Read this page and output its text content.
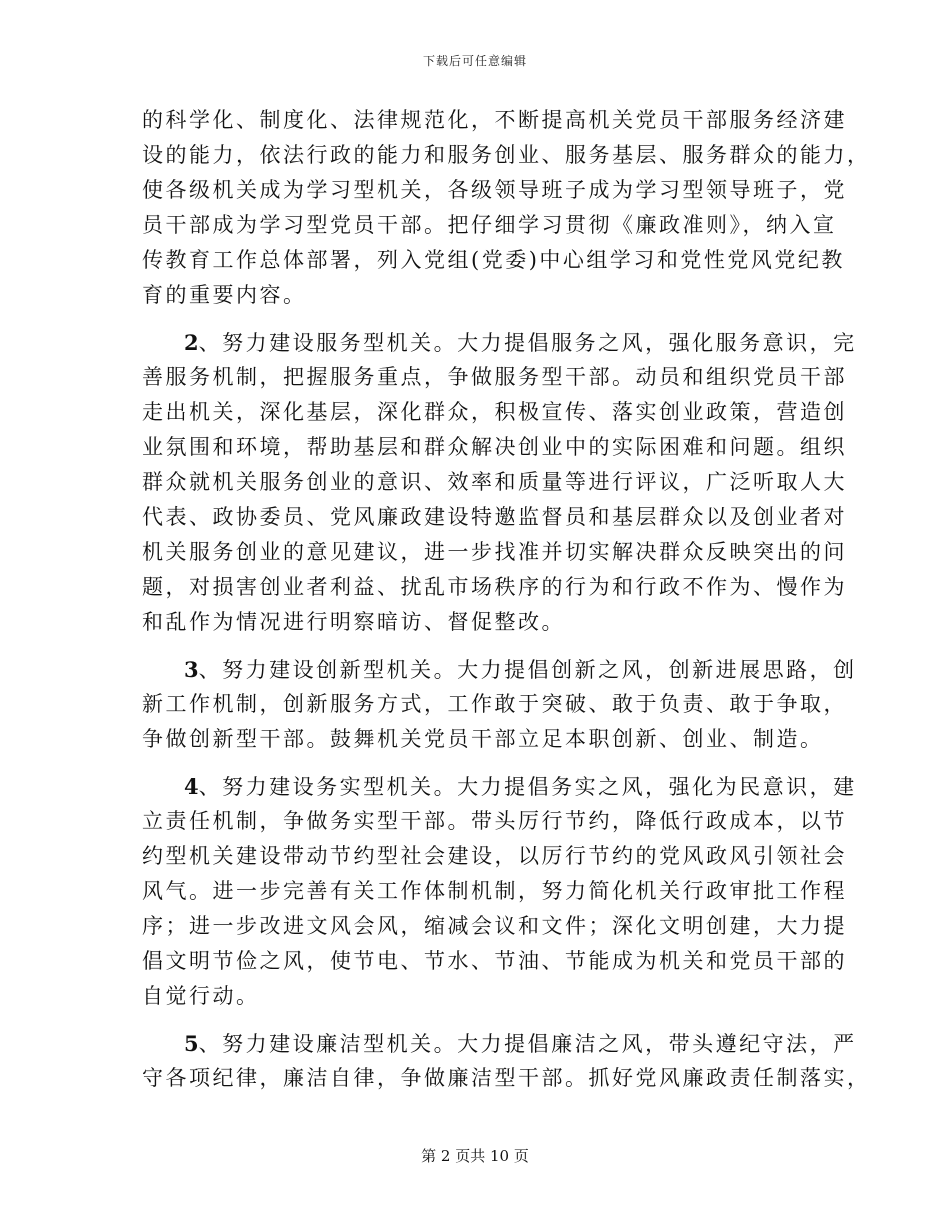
下载后可任意编辑
的科学化、制度化、法律规范化，不断提高机关党员干部服务经济建
设的能力，依法行政的能力和服务创业、服务基层、服务群众的能力，
使各级机关成为学习型机关，各级领导班子成为学习型领导班子，党
员干部成为学习型党员干部。把仔细学习贯彻《廉政准则》，纳入宣
传教育工作总体部署，列入党组(党委)中心组学习和党性党风党纪教
育的重要内容。
2、努力建设服务型机关。大力提倡服务之风，强化服务意识，完
善服务机制，把握服务重点，争做服务型干部。动员和组织党员干部
走出机关，深化基层，深化群众，积极宣传、落实创业政策，营造创
业氛围和环境，帮助基层和群众解决创业中的实际困难和问题。组织
群众就机关服务创业的意识、效率和质量等进行评议，广泛听取人大
代表、政协委员、党风廉政建设特邀监督员和基层群众以及创业者对
机关服务创业的意见建议，进一步找准并切实解决群众反映突出的问
题，对损害创业者利益、扰乱市场秩序的行为和行政不作为、慢作为
和乱作为情况进行明察暗访、督促整改。
3、努力建设创新型机关。大力提倡创新之风，创新进展思路，创
新工作机制，创新服务方式，工作敢于突破、敢于负责、敢于争取，
争做创新型干部。鼓舞机关党员干部立足本职创新、创业、制造。
4、努力建设务实型机关。大力提倡务实之风，强化为民意识，建
立责任机制，争做务实型干部。带头厉行节约，降低行政成本，以节
约型机关建设带动节约型社会建设，以厉行节约的党风政风引领社会
风气。进一步完善有关工作体制机制，努力简化机关行政审批工作程
序；进一步改进文风会风，缩减会议和文件；深化文明创建，大力提
倡文明节俭之风，使节电、节水、节油、节能成为机关和党员干部的
自觉行动。
5、努力建设廉洁型机关。大力提倡廉洁之风，带头遵纪守法，严
守各项纪律，廉洁自律，争做廉洁型干部。抓好党风廉政责任制落实，
第 2 页共 10 页
